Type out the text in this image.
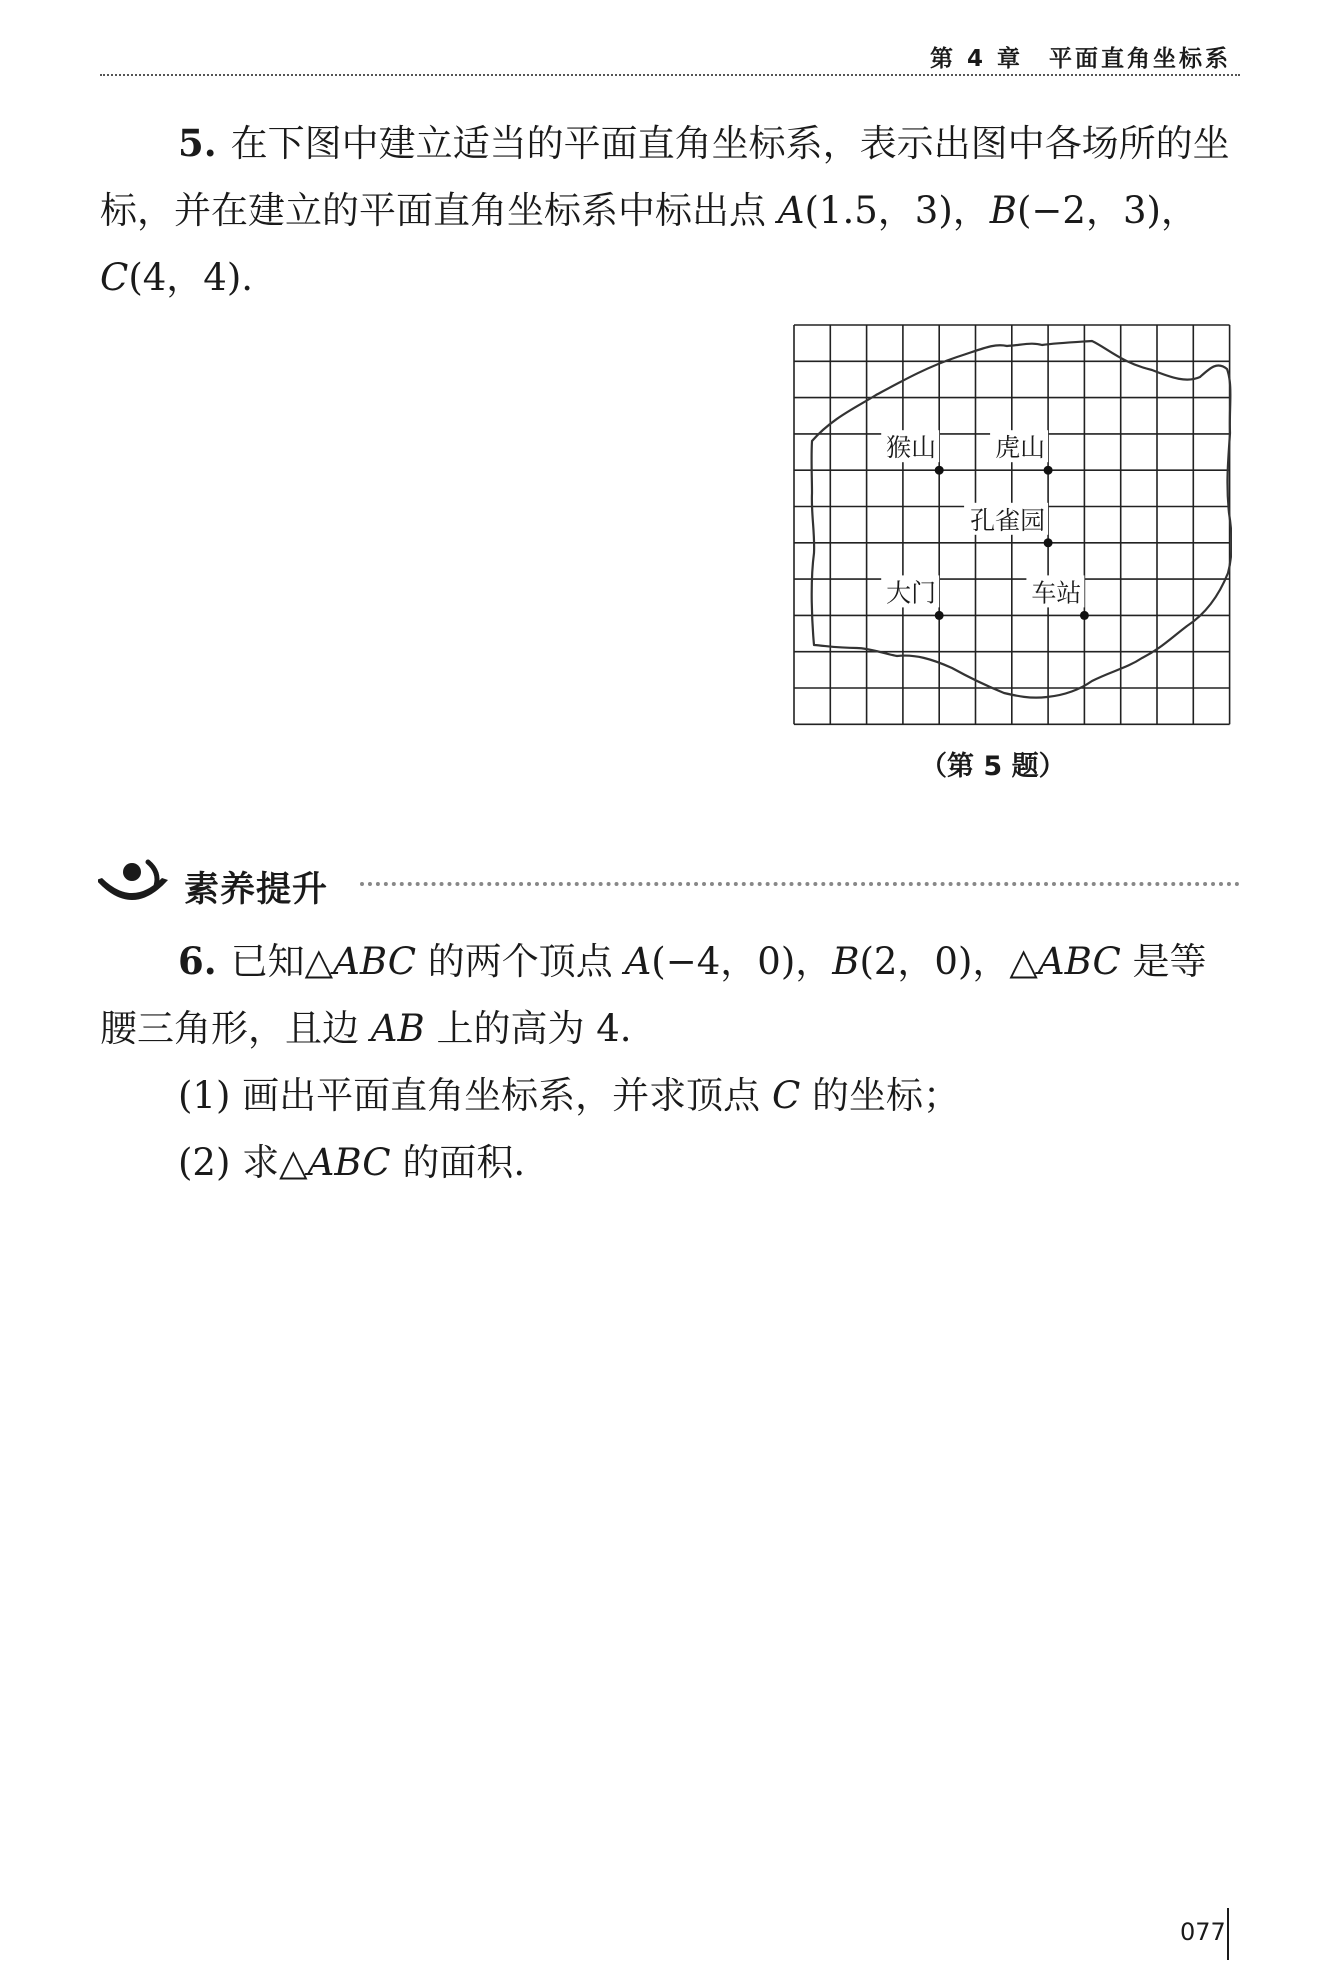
第 4 章　平面直角坐标系

5. 在下图中建立适当的平面直角坐标系，表示出图中各场所的坐标，并在建立的平面直角坐标系中标出点 A(1.5，3)，B(−2，3)，C(4，4).

猴山 虎山
孔雀园
大门	车站
（第 5 题）
素养提升

6. 已知△ABC 的两个顶点 A(−4，0)，B(2，0)，△ABC 是等腰三角形，且边 AB 上的高为 4.

(1) 画出平面直角坐标系，并求顶点 C 的坐标；

(2) 求△ABC 的面积.

077
